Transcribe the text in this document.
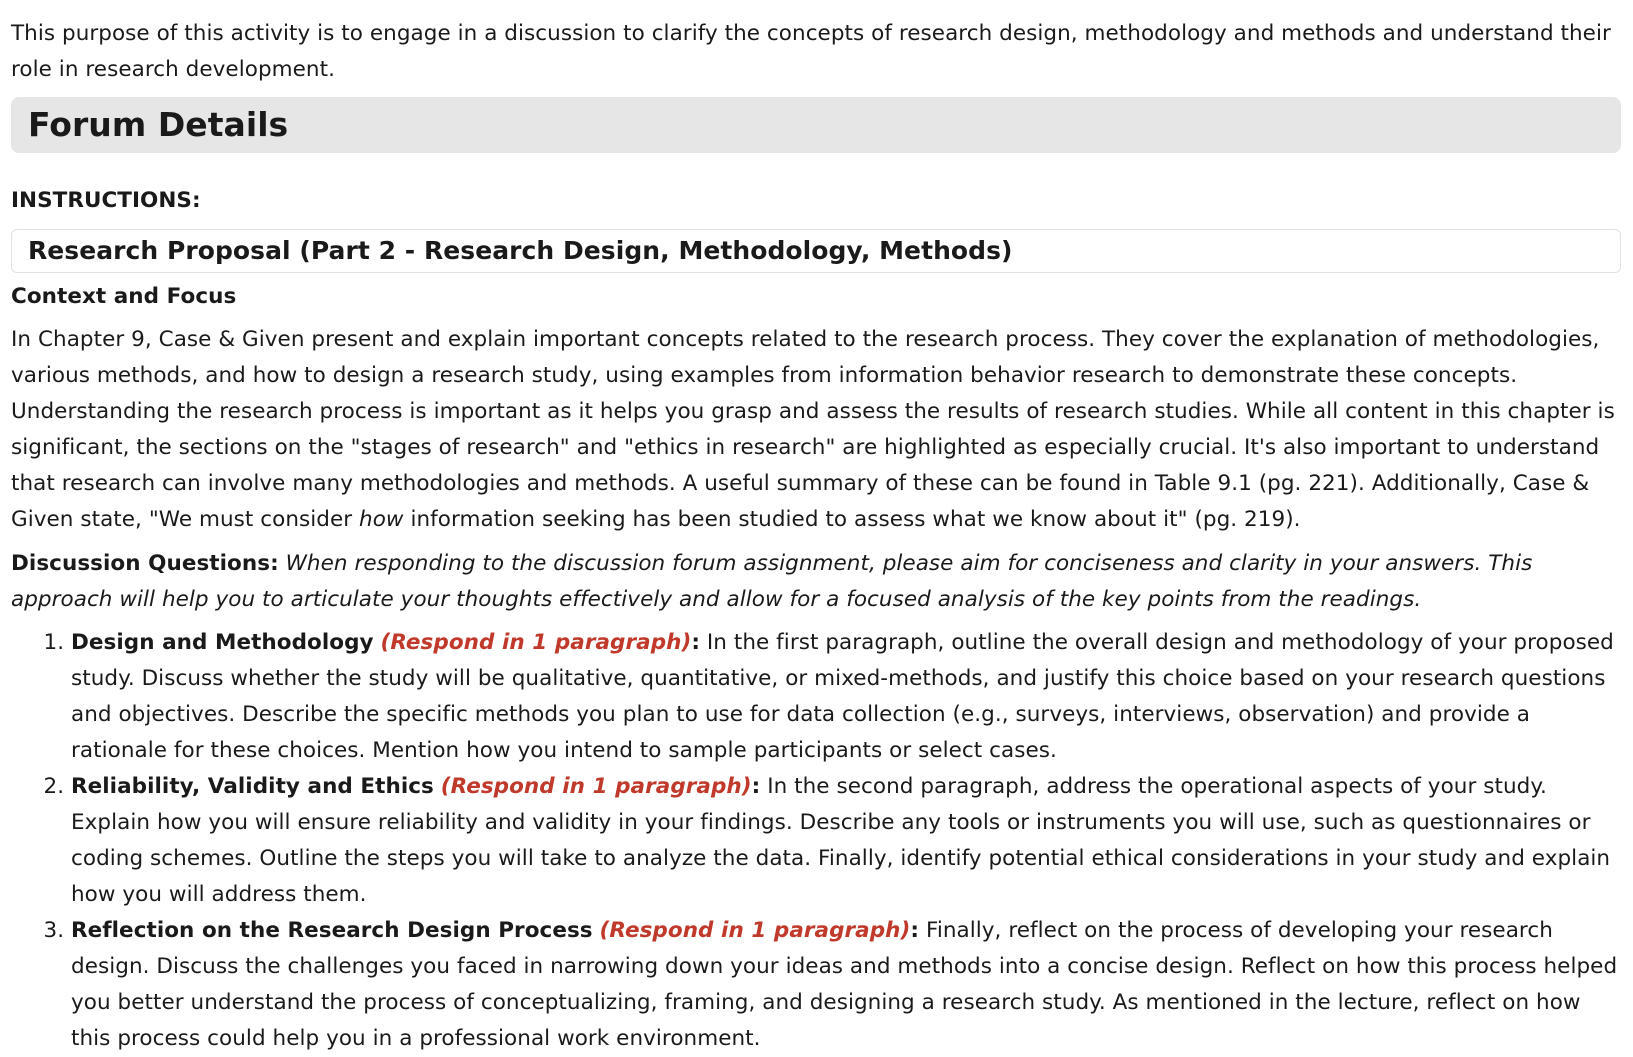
This purpose of this activity is to engage in a discussion to clarify the concepts of research design, methodology and methods and understand their role in research development.

Forum Details
INSTRUCTIONS:
Research Proposal (Part 2 - Research Design, Methodology, Methods)
Context and Focus

In Chapter 9, Case & Given present and explain important concepts related to the research process. They cover the explanation of methodologies, various methods, and how to design a research study, using examples from information behavior research to demonstrate these concepts. Understanding the research process is important as it helps you grasp and assess the results of research studies. While all content in this chapter is significant, the sections on the "stages of research" and "ethics in research" are highlighted as especially crucial. It's also important to understand that research can involve many methodologies and methods. A useful summary of these can be found in Table 9.1 (pg. 221). Additionally, Case & Given state, "We must consider how information seeking has been studied to assess what we know about it" (pg. 219).

Discussion Questions: When responding to the discussion forum assignment, please aim for conciseness and clarity in your answers. This approach will help you to articulate your thoughts effectively and allow for a focused analysis of the key points from the readings.

1. Design and Methodology (Respond in 1 paragraph): In the first paragraph, outline the overall design and methodology of your proposed study. Discuss whether the study will be qualitative, quantitative, or mixed-methods, and justify this choice based on your research questions and objectives. Describe the specific methods you plan to use for data collection (e.g., surveys, interviews, observation) and provide a rationale for these choices. Mention how you intend to sample participants or select cases.
2. Reliability, Validity and Ethics (Respond in 1 paragraph): In the second paragraph, address the operational aspects of your study. Explain how you will ensure reliability and validity in your findings. Describe any tools or instruments you will use, such as questionnaires or coding schemes. Outline the steps you will take to analyze the data. Finally, identify potential ethical considerations in your study and explain how you will address them.
3. Reflection on the Research Design Process (Respond in 1 paragraph): Finally, reflect on the process of developing your research design. Discuss the challenges you faced in narrowing down your ideas and methods into a concise design. Reflect on how this process helped you better understand the process of conceptualizing, framing, and designing a research study. As mentioned in the lecture, reflect on how this process could help you in a professional work environment.
